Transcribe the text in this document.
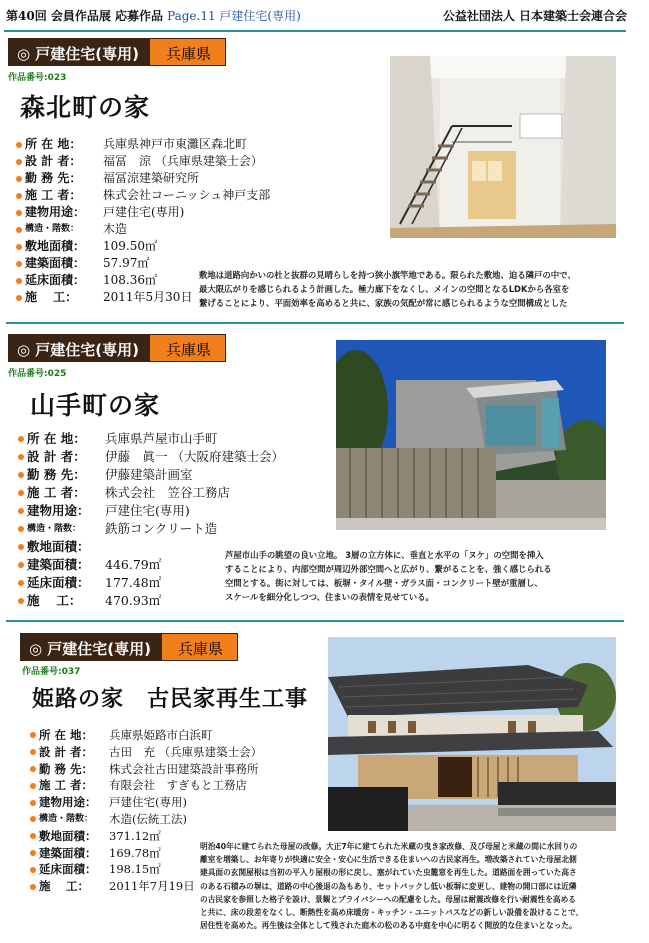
第40回 会員作品展 応募作品 Page.11 戸建住宅(専用)	公益社団法人 日本建築士会連合会
◎ 戸建住宅(専用)	兵庫県
作品番号:023
森北町の家
所 在 地：	兵庫県神戸市東灘区森北町
設 計 者：	福冨　涼 （兵庫県建築士会）
勤 務 先：	福冨涼建築研究所
施 工 者：	株式会社コーニッシュ神戸支部
建物用途：	戸建住宅(専用)
構造・階数：	木造
敷地面積：	109.50㎡
建築面積：	57.97㎡
延床面積：	108.36㎡
施　 工：	2011年5月30日

敷地は道路向かいの杜と抜群の見晴らしを持つ狭小旗竿地である。限られた敷地、迫る隣戸の中で、

最大限広がりを感じられるよう計画した。極力廊下をなくし、メインの空間となるLDKから各室を

繋げることにより、平面効率を高めると共に、家族の気配が常に感じられるような空間構成とした

◎ 戸建住宅(専用)	兵庫県
作品番号:025
山手町の家
所 在 地：	兵庫県芦屋市山手町
設 計 者：	伊藤　眞一 （大阪府建築士会）
勤 務 先：	伊藤建築計画室
施 工 者：	株式会社　笠谷工務店
建物用途：	戸建住宅(専用)
構造・階数：	鉄筋コンクリート造
敷地面積：
建築面積：	446.79㎡
延床面積：	177.48㎡
施　 工：	470.93㎡

芦屋市山手の眺望の良い立地。 3層の立方体に、垂直と水平の「ヌケ」の空間を挿入

することにより、内部空間が周辺外部空間へと広がり、繋がることを、強く感じられる

空間とする。街に対しては、板塀・タイル壁・ガラス面・コンクリート壁が重層し、

スケールを細分化しつつ、住まいの表情を見せている。

◎ 戸建住宅(専用)	兵庫県
作品番号:037
姫路の家　古民家再生工事
所 在 地：	兵庫県姫路市白浜町
設 計 者：	古田　充 （兵庫県建築士会）
勤 務 先：	株式会社古田建築設計事務所
施 工 者：	有限会社　すぎもと工務店
建物用途：	戸建住宅(専用)
構造・階数：	木造(伝統工法)
敷地面積：	371.12㎡
建築面積：	169.78㎡
延床面積：	198.15㎡
施　 工：	2011年7月19日

明治40年に建てられた母屋の改修。大正7年に建てられた米蔵の曳き家改修、及び母屋と米蔵の間に水回りの

離室を増築し、お年寄りが快適に安全・安心に生活できる住まいへの古民家再生。増改築されていた母屋北側

建具面の玄関屋根は当初の平入り屋根の形に戻し、塞がれていた虫籠窓を再生した。道路面を囲っていた高さ

のある石積みの塀は、道路の中心後退の為もあり、セットバックし低い板塀に変更し、建物の開口部には近隣

の古民家を参照した格子を設け、景観とプライバシーへの配慮をした。母屋は耐震改修を行い耐震性を高める

と共に、床の段差をなくし、断熱性を高め床暖房・キッチン・ユニットバスなどの新しい設備を設けることで、

居住性を高めた。再生後は全体として残された庭木の松のある中庭を中心に明るく開放的な住まいとなった。
